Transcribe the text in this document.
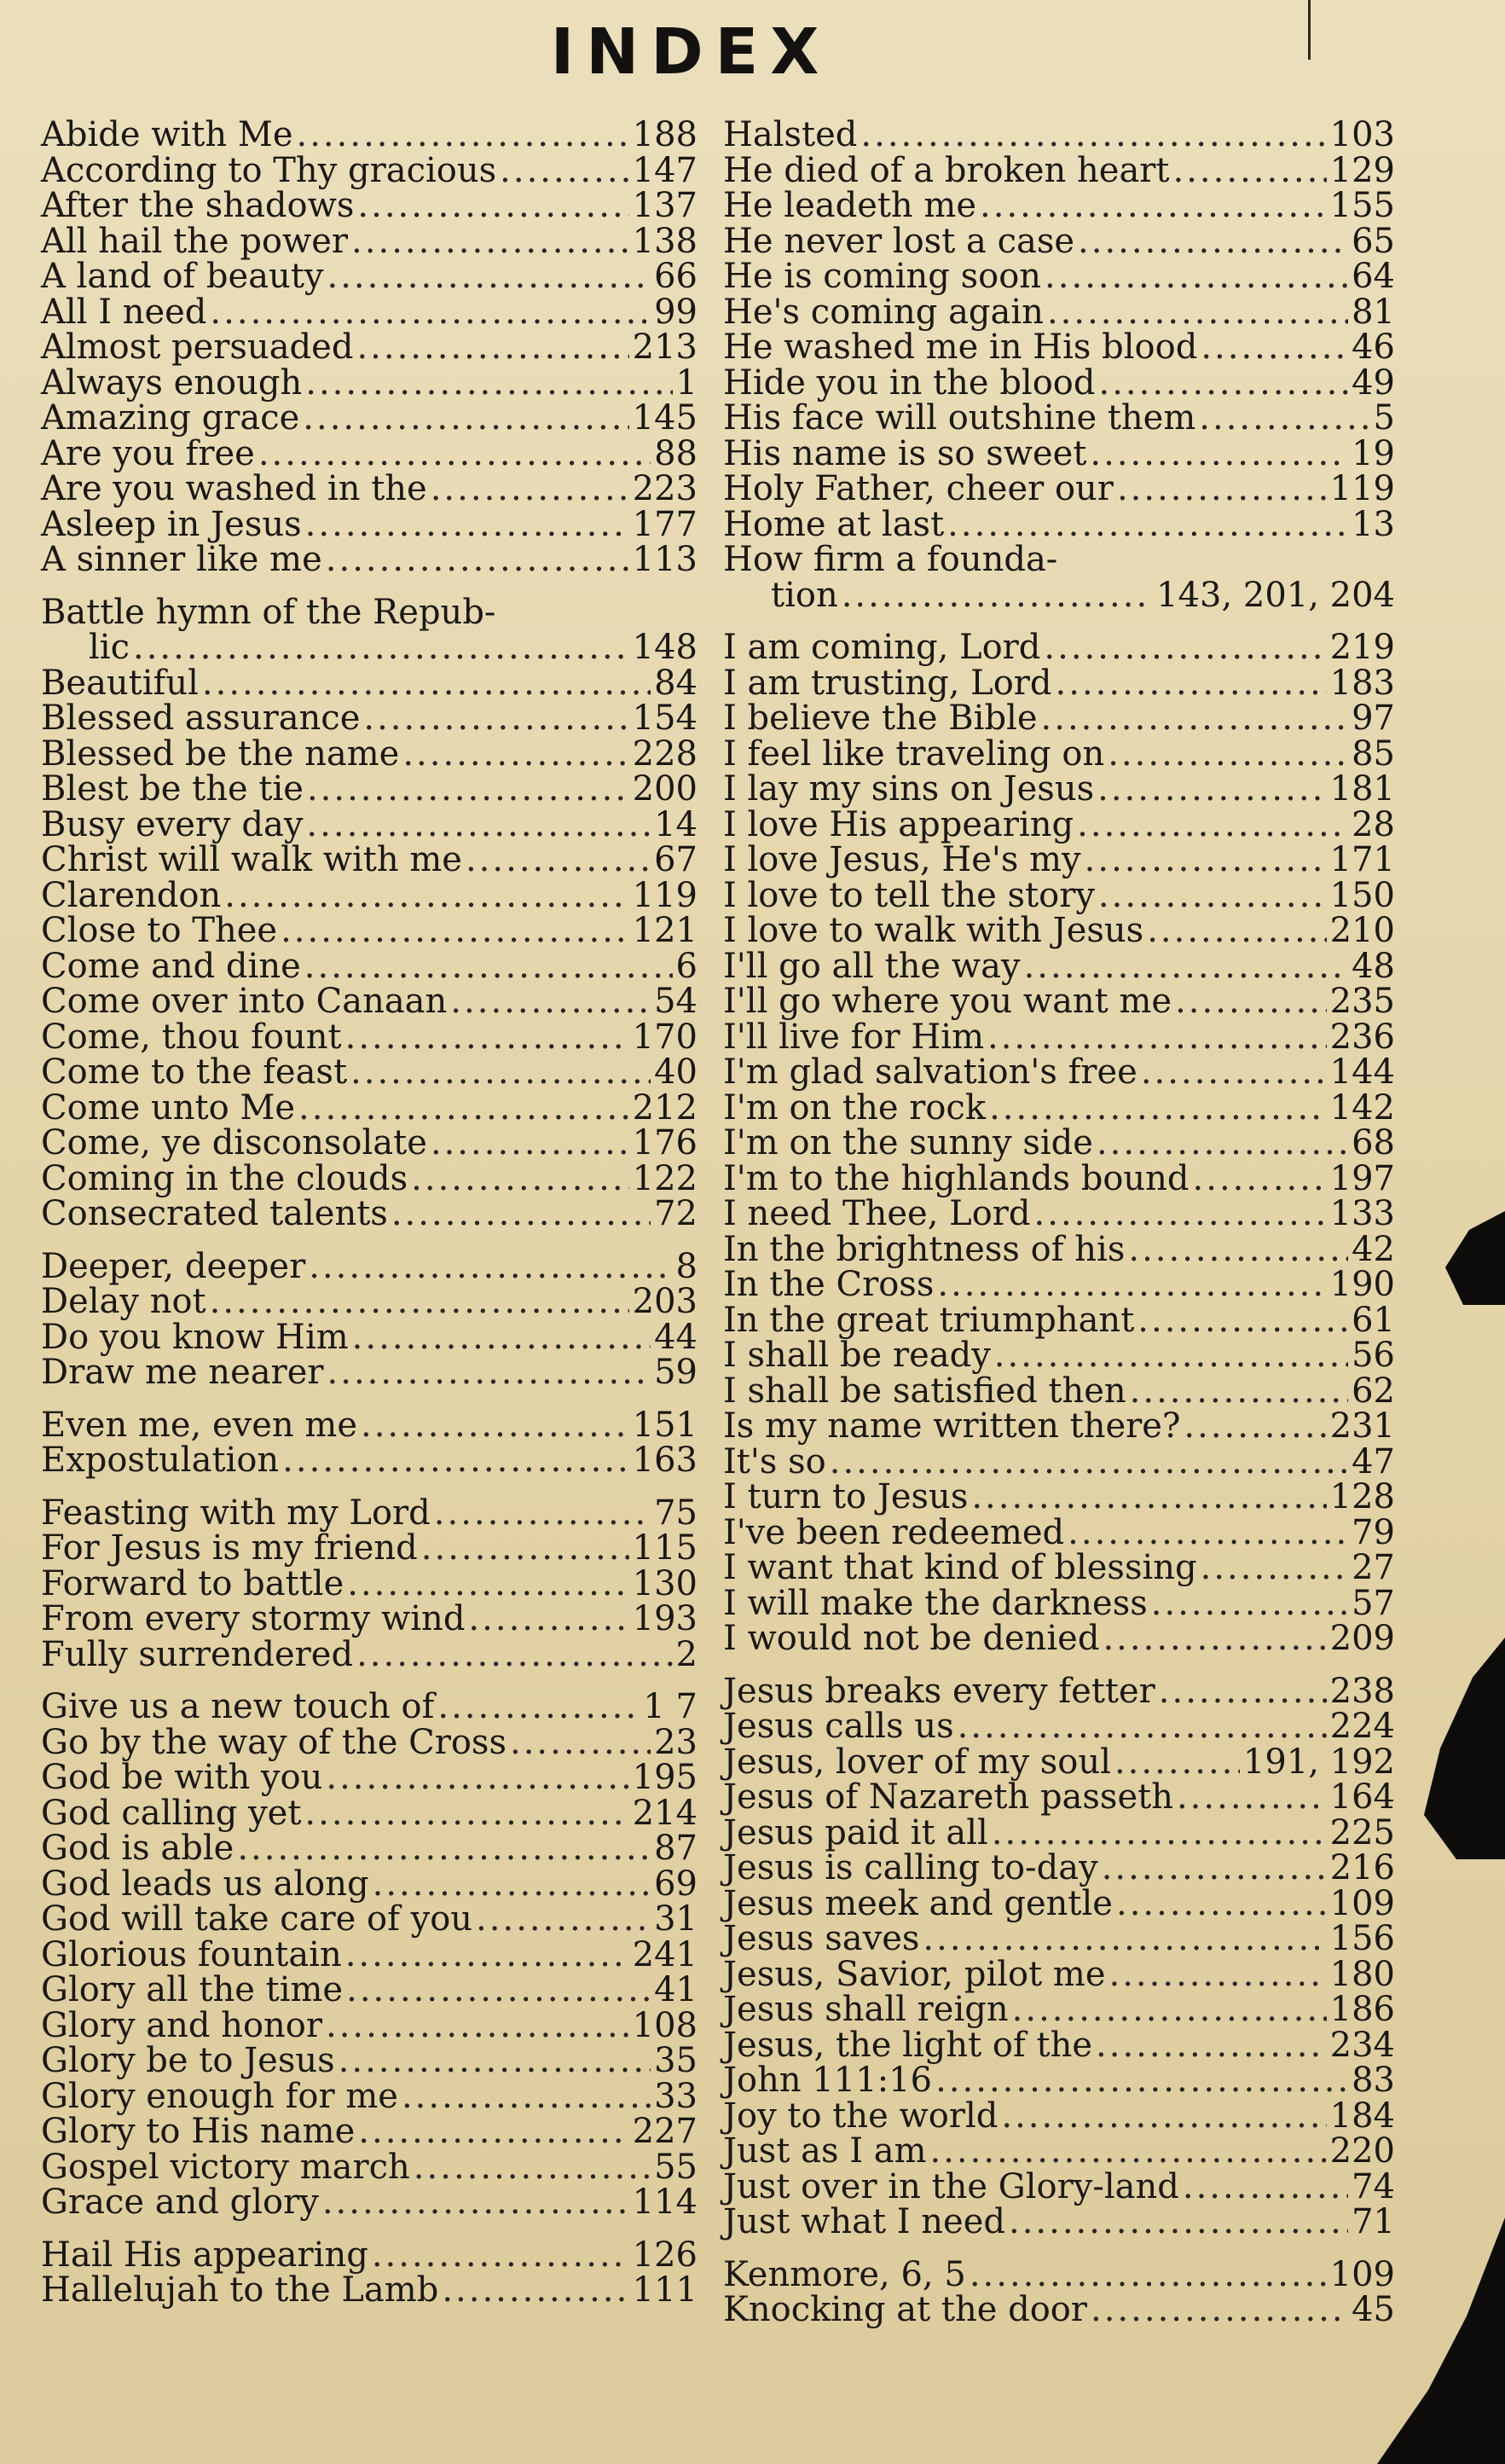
INDEX
Abide with Me .....	188
According to Thy gracious .....	147
After the shadows .....	137
All hail the power .....	138
A land of beauty .....	66
All I need .....	99
Almost persuaded .....	213
Always enough .....	1
Amazing grace .....	145
Are you free .....	88
Are you washed in the .....	223
Asleep in Jesus .....	177
A sinner like me .....	113
Battle hymn of the Repub-
lic .....	148
Beautiful .....	84
Blessed assurance .....	154
Blessed be the name .....	228
Blest be the tie .....	200
Busy every day .....	14
Christ will walk with me .....	67
Clarendon .....	119
Close to Thee .....	121
Come and dine .....	6
Come over into Canaan .....	54
Come, thou fount .....	170
Come to the feast .....	40
Come unto Me .....	212
Come, ye disconsolate .....	176
Coming in the clouds .....	122
Consecrated talents .....	72
Deeper, deeper .....	8
Delay not .....	203
Do you know Him .....	44
Draw me nearer .....	59
Even me, even me .....	151
Expostulation .....	163
Feasting with my Lord .....	75
For Jesus is my friend .....	115
Forward to battle .....	130
From every stormy wind .....	193
Fully surrendered .....	2
Give us a new touch of .....	1 7
Go by the way of the Cross .....	23
God be with you .....	195
God calling yet .....	214
God is able .....	87
God leads us along .....	69
God will take care of you .....	31
Glorious fountain .....	241
Glory all the time .....	41
Glory and honor .....	108
Glory be to Jesus .....	35
Glory enough for me .....	33
Glory to His name .....	227
Gospel victory march .....	55
Grace and glory .....	114
Hail His appearing .....	126
Hallelujah to the Lamb .....	111
Halsted .....	103
He died of a broken heart .....	129
He leadeth me .....	155
He never lost a case .....	65
He is coming soon .....	64
He's coming again .....	81
He washed me in His blood .....	46
Hide you in the blood .....	49
His face will outshine them .....	5
His name is so sweet .....	19
Holy Father, cheer our .....	119
Home at last .....	13
How firm a founda-
tion .....	143, 201, 204
I am coming, Lord .....	219
I am trusting, Lord .....	183
I believe the Bible .....	97
I feel like traveling on .....	85
I lay my sins on Jesus .....	181
I love His appearing .....	28
I love Jesus, He's my .....	171
I love to tell the story .....	150
I love to walk with Jesus .....	210
I'll go all the way .....	48
I'll go where you want me .....	235
I'll live for Him .....	236
I'm glad salvation's free .....	144
I'm on the rock .....	142
I'm on the sunny side .....	68
I'm to the highlands bound .....	197
I need Thee, Lord .....	133
In the brightness of his .....	42
In the Cross .....	190
In the great triumphant .....	61
I shall be ready .....	56
I shall be satisfied then .....	62
Is my name written there? .....	231
It's so .....	47
I turn to Jesus .....	128
I've been redeemed .....	79
I want that kind of blessing .....	27
I will make the darkness .....	57
I would not be denied .....	209
Jesus breaks every fetter .....	238
Jesus calls us .....	224
Jesus, lover of my soul .....	191, 192
Jesus of Nazareth passeth .....	164
Jesus paid it all .....	225
Jesus is calling to-day .....	216
Jesus meek and gentle .....	109
Jesus saves .....	156
Jesus, Savior, pilot me .....	180
Jesus shall reign .....	186
Jesus, the light of the .....	234
John 111:16 .....	83
Joy to the world .....	184
Just as I am .....	220
Just over in the Glory-land .....	74
Just what I need .....	71
Kenmore, 6, 5 .....	109
Knocking at the door .....	45
